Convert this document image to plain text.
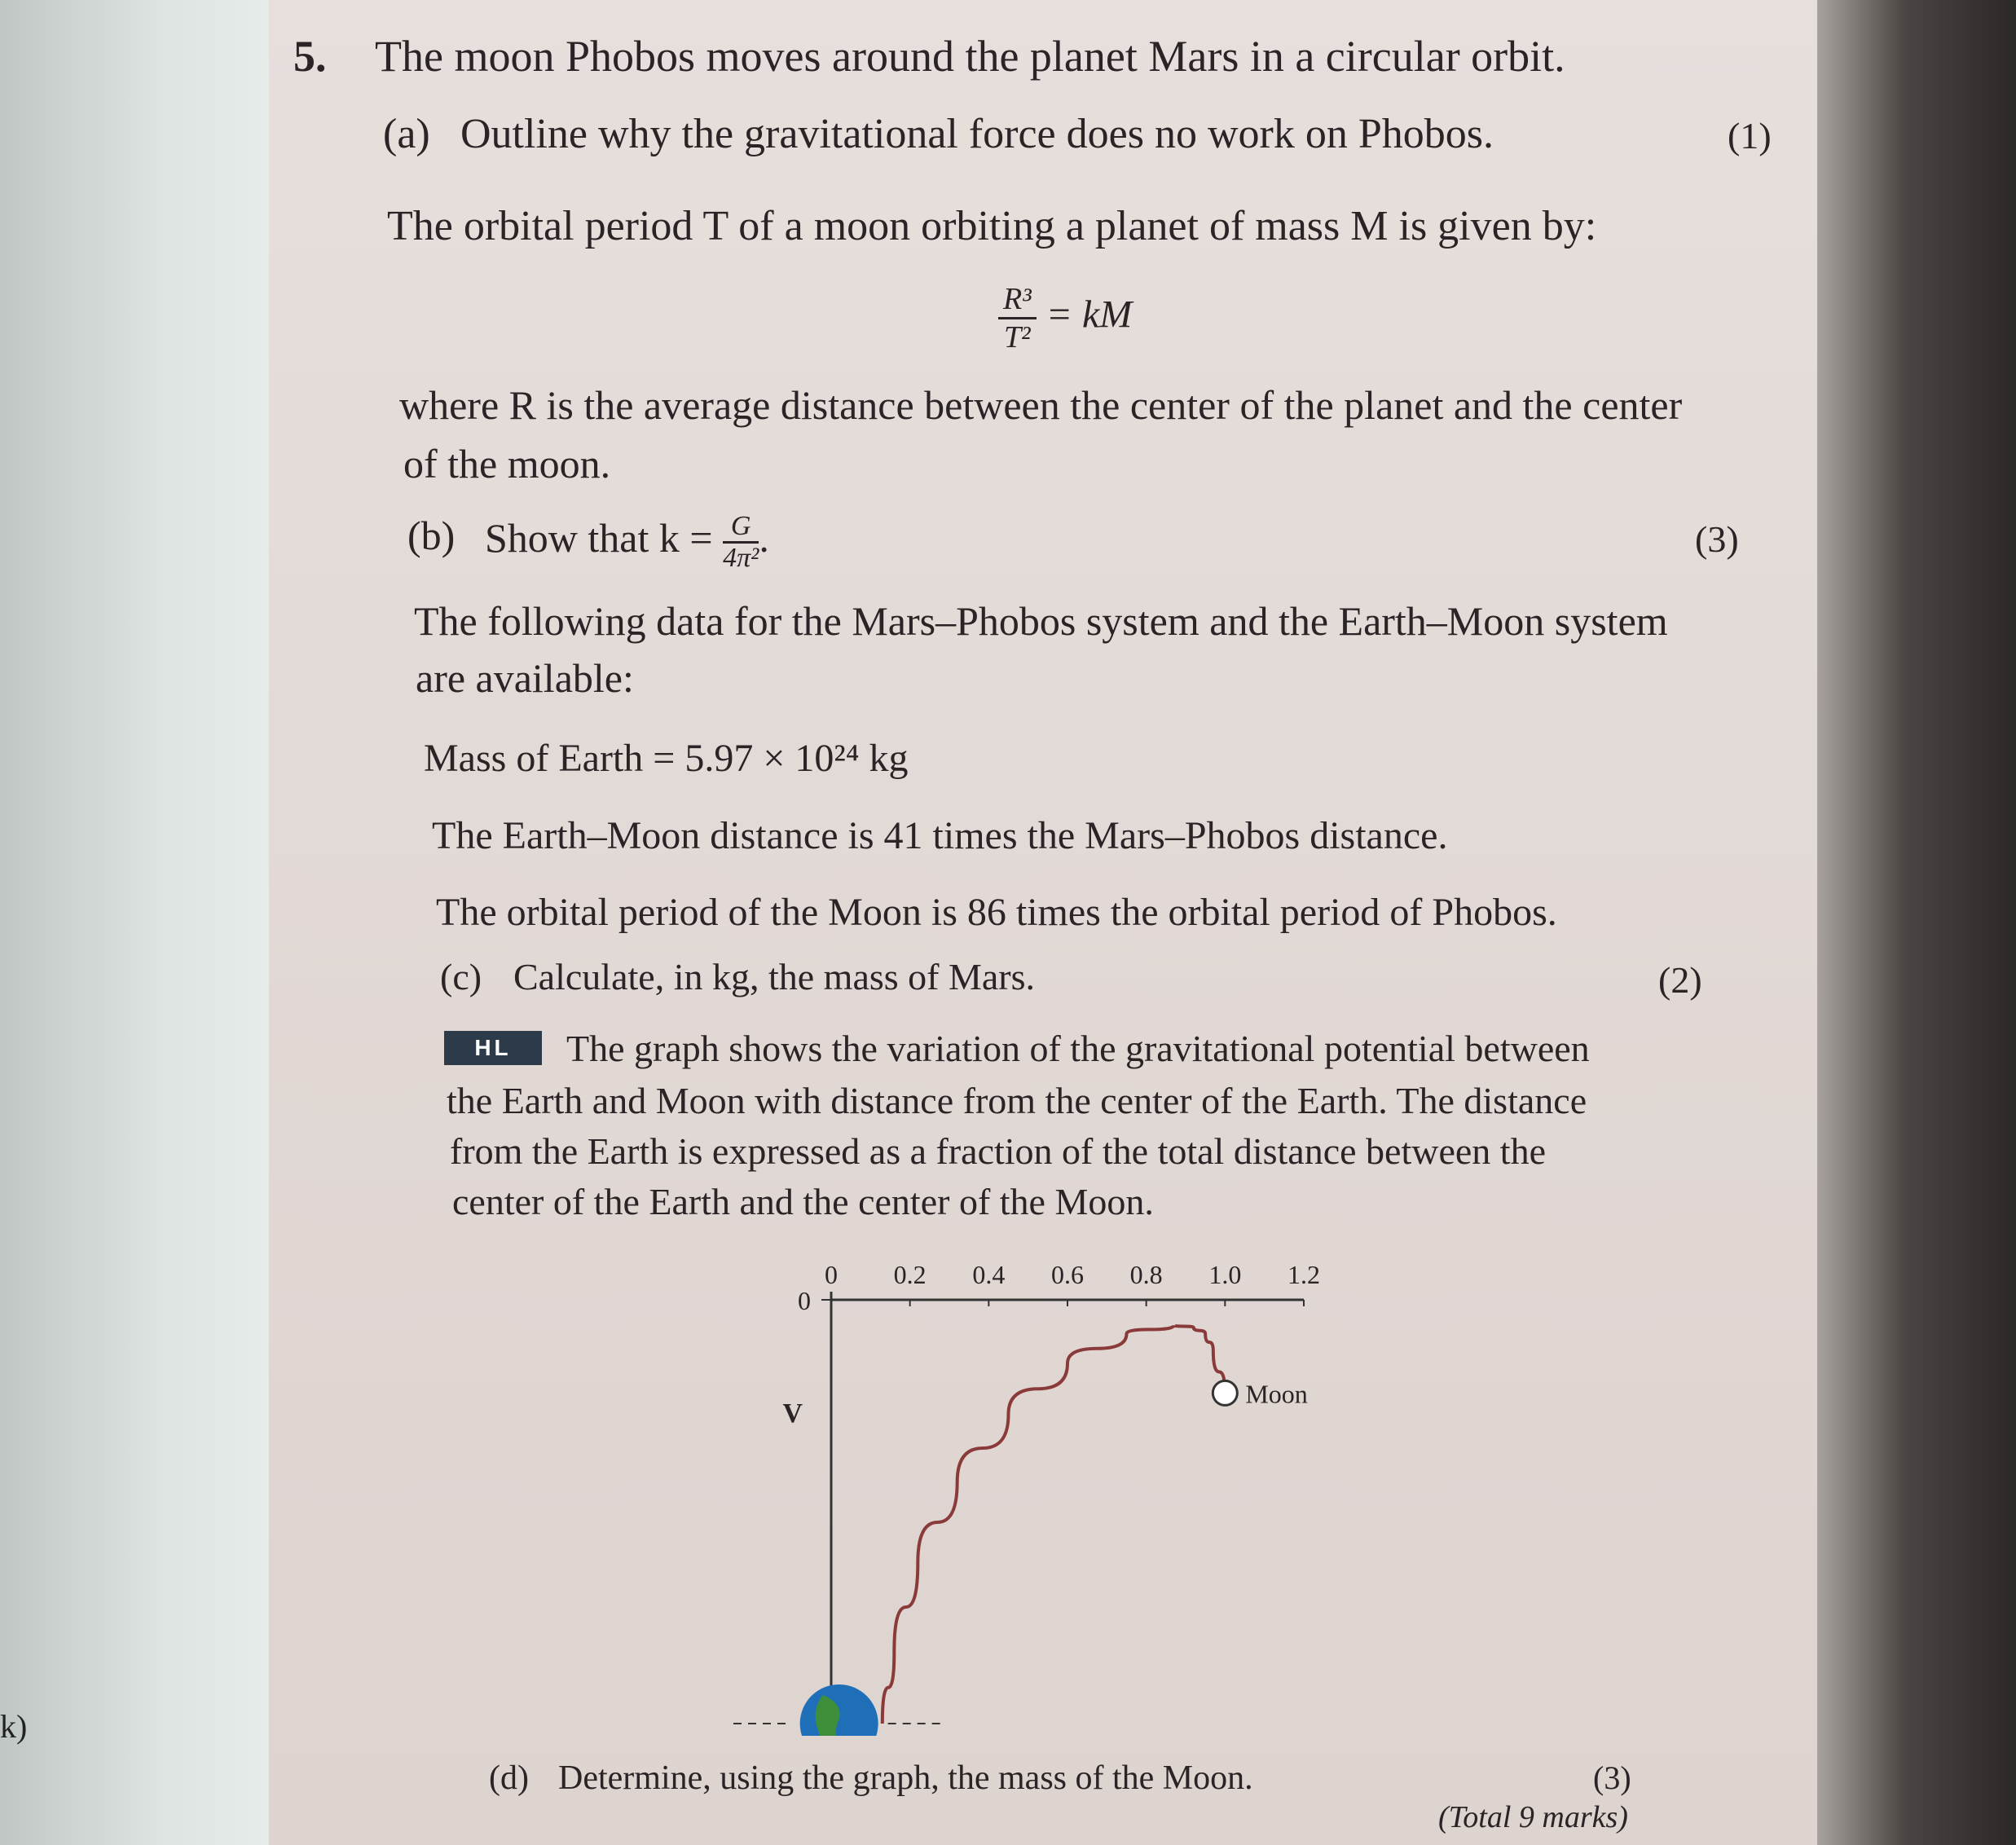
k)
5. The moon Phobos moves around the planet Mars in a circular orbit.
(a) Outline why the gravitational force does no work on Phobos.	(1)
The orbital period T of a moon orbiting a planet of mass M is given by:
$\frac{\text{R³}}{\text{T²}}$ = kM
where R is the average distance between the center of the planet and the center
of the moon.
(b) Show that $k = \frac{G}{\text{4π²}}$ .	(3)
The following data for the Mars–Phobos system and the Earth–Moon system
are available:
Mass of Earth = 5.97 × 10²⁴ kg
The Earth–Moon distance is 41 times the Mars–Phobos distance.
The orbital period of the Moon is 86 times the orbital period of Phobos.
(c) Calculate, in kg, the mass of Mars.	(2)
HL	The graph shows the variation of the gravitational potential between
the Earth and Moon with distance from the center of the Earth. The distance
from the Earth is expressed as a fraction of the total distance between the
center of the Earth and the center of the Moon.
0 0.2 0.4 0.6 0.8 1.0 1.2
0
V
Moon
(d) Determine, using the graph, the mass of the Moon.	(3)
(Total 9 marks)
